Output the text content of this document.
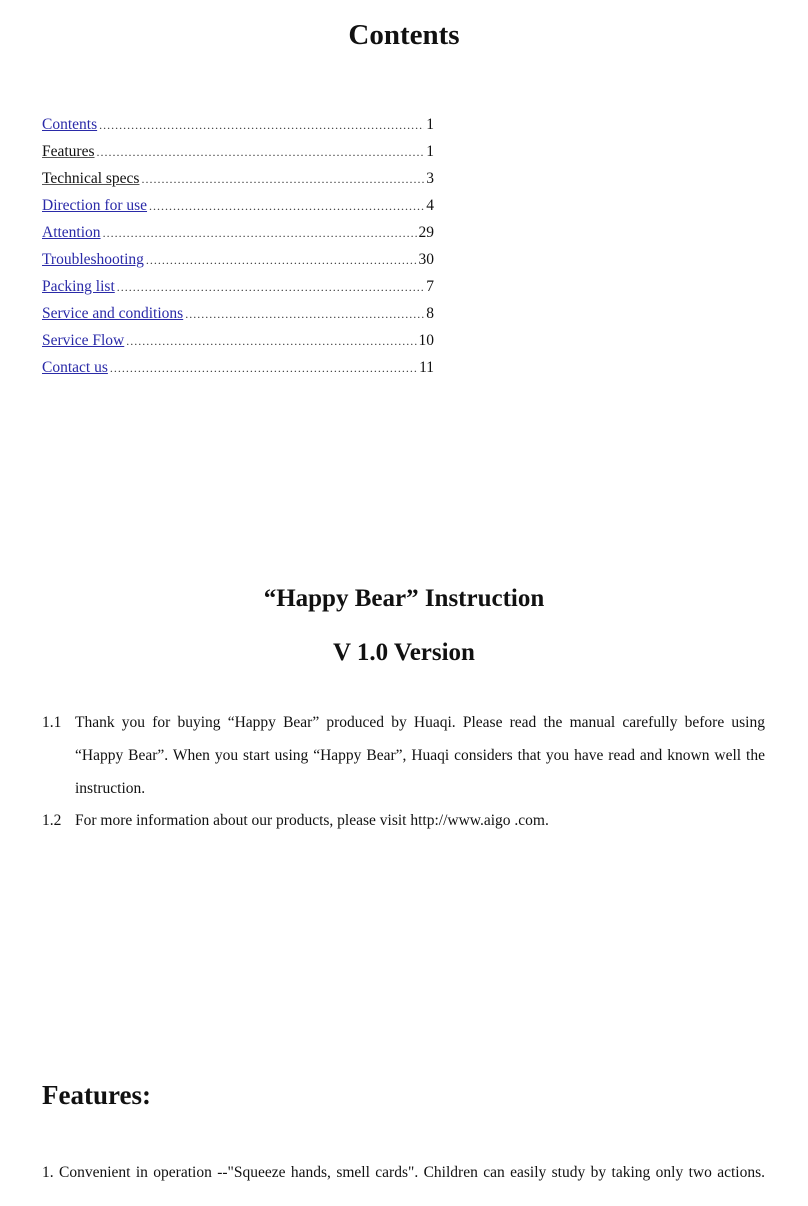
Contents
Contents .....	1
Features .....	1
Technical specs .....	3
Direction for use .....	4
Attention .....	29
Troubleshooting .....	30
Packing list .....	7
Service and conditions .....	8
Service Flow .....	10
Contact us .....	11
“Happy Bear” Instruction
V 1.0 Version
1.1 Thank you for buying “Happy Bear” produced by Huaqi. Please read the manual carefully before using “Happy Bear”. When you start using “Happy Bear”, Huaqi considers that you have read and known well the instruction.
1.2 For more information about our products, please visit http://www.aigo .com.
Features:
1. Convenient in operation --"Squeeze hands, smell cards". Children can easily study by taking only two actions.
